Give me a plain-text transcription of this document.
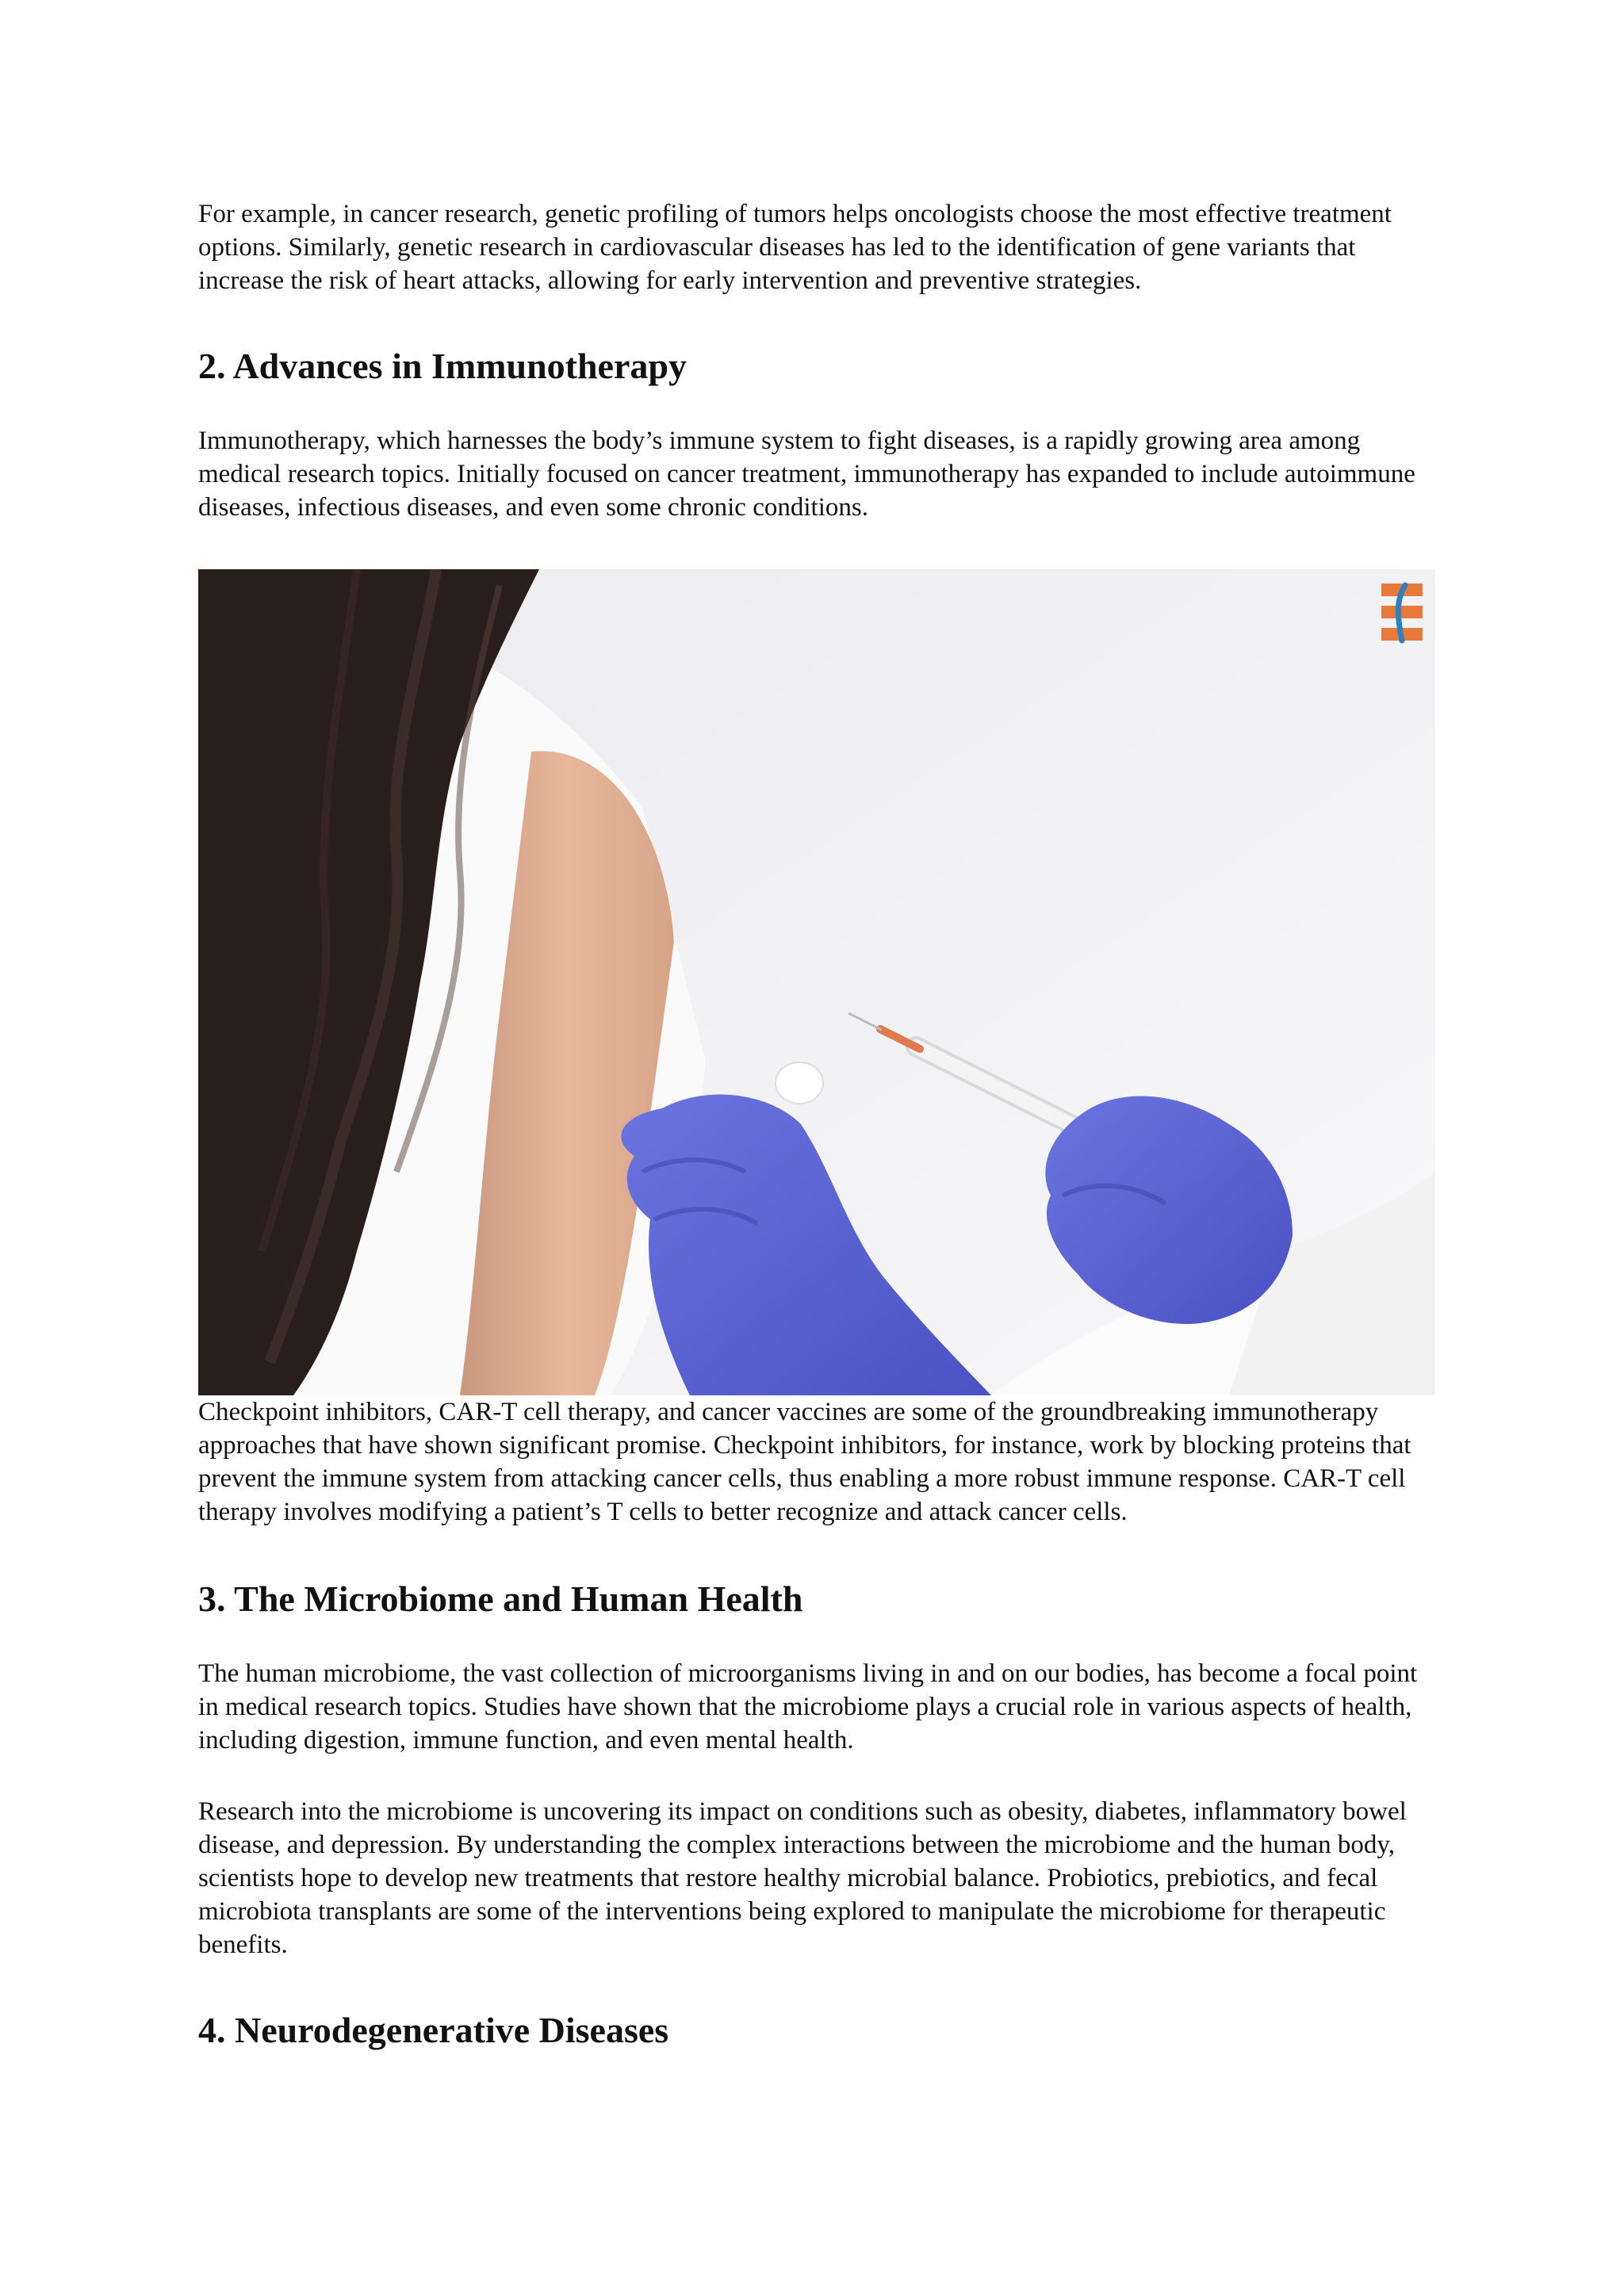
For example, in cancer research, genetic profiling of tumors helps oncologists choose the most effective treatment options. Similarly, genetic research in cardiovascular diseases has led to the identification of gene variants that increase the risk of heart attacks, allowing for early intervention and preventive strategies.

2. Advances in Immunotherapy

Immunotherapy, which harnesses the body’s immune system to fight diseases, is a rapidly growing area among medical research topics. Initially focused on cancer treatment, immunotherapy has expanded to include autoimmune diseases, infectious diseases, and even some chronic conditions.

Checkpoint inhibitors, CAR-T cell therapy, and cancer vaccines are some of the groundbreaking immunotherapy approaches that have shown significant promise. Checkpoint inhibitors, for instance, work by blocking proteins that prevent the immune system from attacking cancer cells, thus enabling a more robust immune response. CAR-T cell therapy involves modifying a patient’s T cells to better recognize and attack cancer cells.

3. The Microbiome and Human Health

The human microbiome, the vast collection of microorganisms living in and on our bodies, has become a focal point in medical research topics. Studies have shown that the microbiome plays a crucial role in various aspects of health, including digestion, immune function, and even mental health.

Research into the microbiome is uncovering its impact on conditions such as obesity, diabetes, inflammatory bowel disease, and depression. By understanding the complex interactions between the microbiome and the human body, scientists hope to develop new treatments that restore healthy microbial balance. Probiotics, prebiotics, and fecal microbiota transplants are some of the interventions being explored to manipulate the microbiome for therapeutic benefits.

4. Neurodegenerative Diseases
